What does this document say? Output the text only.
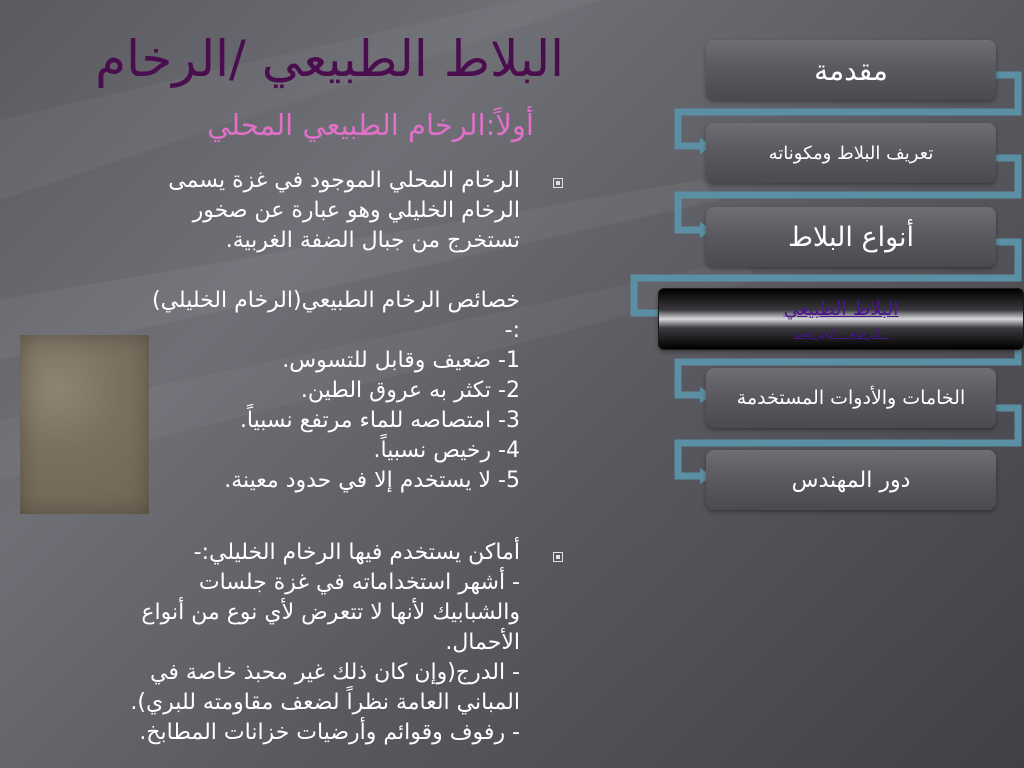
البلاط الطبيعي /الرخام
أولاً:الرخام الطبيعي المحلي
الرخام المحلي الموجود في غزة يسمى
الرخام الخليلي وهو عبارة عن صخور
تستخرج من جبال الضفة الغربية.
خصائص الرخام الطبيعي(الرخام الخليلي)
:-
1- ضعيف وقابل للتسوس.
2- تكثر به عروق الطين.
3- امتصاصه للماء مرتفع نسبياً.
4- رخيص نسبياً.
5- لا يستخدم إلا في حدود معينة.
أماكن يستخدم فيها الرخام الخليلي:-
- أشهر استخداماته في غزة جلسات
والشبابيك لأنها لا تتعرض لأي نوع من أنواع
الأحمال.
- الدرج(وإن كان ذلك غير محبذ خاصة في
المباني العامة نظراً لضعف مقاومته للبري).
- رفوف وقوائم وأرضيات خزانات المطابخ.
مقدمة
تعريف البلاط ومكوناته
أنواع البلاط
البلاط الطبيعي
- الرخام - الجرانيت
الخامات والأدوات المستخدمة
دور المهندس
